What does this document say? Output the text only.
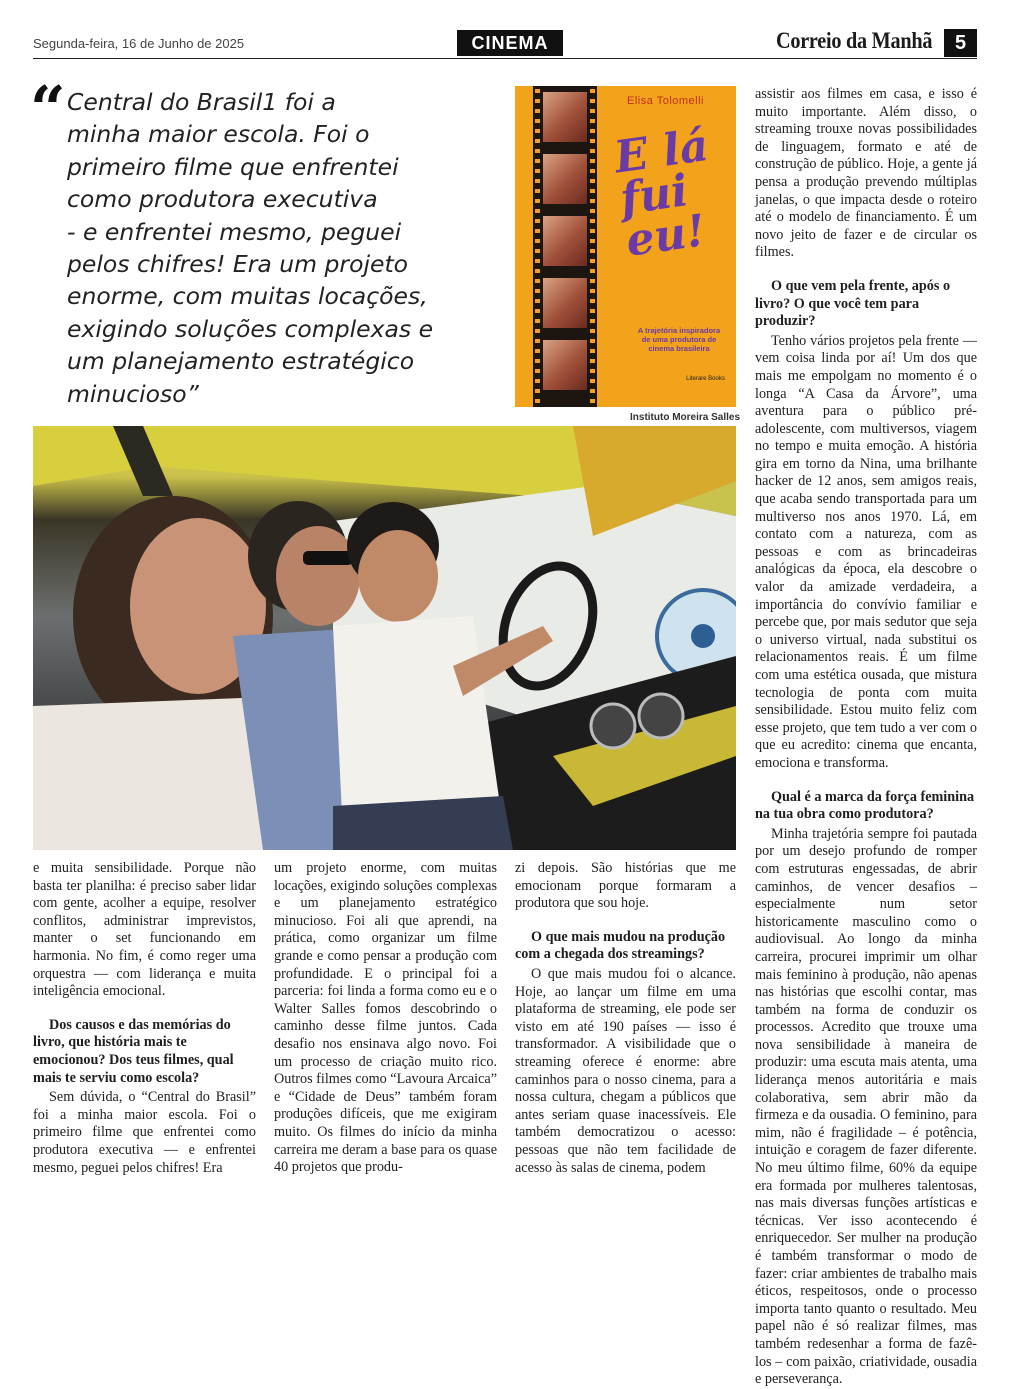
Segunda-feira, 16 de Junho de 2025	CINEMA	Correio da Manhã	5
“ Central do Brasil1 foi a
minha maior escola. Foi o
primeiro filme que enfrentei
como produtora executiva
- e enfrentei mesmo, peguei
pelos chifres! Era um projeto
enorme, com muitas locações,
exigindo soluções complexas e
um planejamento estratégico
minucioso”

Elisa Tolomelli
E lá fui eu!
A trajetória inspiradora de uma produtora de cinema brasileira
Literare Books
Instituto Moreira Salles

e muita sensibilidade. Porque não basta ter planilha: é preciso saber lidar com gente, acolher a equipe, resolver conflitos, administrar imprevistos, manter o set funcionando em harmonia. No fim, é como reger uma orquestra — com liderança e muita inteligência emocional.

Dos causos e das memórias do livro, que história mais te emocionou? Dos teus filmes, qual mais te serviu como escola?

Sem dúvida, o “Central do Brasil” foi a minha maior escola. Foi o primeiro filme que enfrentei como produtora executiva — e enfrentei mesmo, peguei pelos chifres! Era

um projeto enorme, com muitas locações, exigindo soluções complexas e um planejamento estratégico minucioso. Foi ali que aprendi, na prática, como organizar um filme grande e como pensar a produção com profundidade. E o principal foi a parceria: foi linda a forma como eu e o Walter Salles fomos descobrindo o caminho desse filme juntos. Cada desafio nos ensinava algo novo. Foi um processo de criação muito rico. Outros filmes como “Lavoura Arcaica” e “Cidade de Deus” também foram produções difíceis, que me exigiram muito. Os filmes do início da minha carreira me deram a base para os quase 40 projetos que produ-

zi depois. São histórias que me emocionam porque formaram a produtora que sou hoje.

O que mais mudou na produção com a chegada dos streamings?

O que mais mudou foi o alcance. Hoje, ao lançar um filme em uma plataforma de streaming, ele pode ser visto em até 190 países — isso é transformador. A visibilidade que o streaming oferece é enorme: abre caminhos para o nosso cinema, para a nossa cultura, chegam a públicos que antes seriam quase inacessíveis. Ele também democratizou o acesso: pessoas que não tem facilidade de acesso às salas de cinema, podem

assistir aos filmes em casa, e isso é muito importante. Além disso, o streaming trouxe novas possibilidades de linguagem, formato e até de construção de público. Hoje, a gente já pensa a produção prevendo múltiplas janelas, o que impacta desde o roteiro até o modelo de financiamento. É um novo jeito de fazer e de circular os filmes.

O que vem pela frente, após o livro? O que você tem para produzir?

Tenho vários projetos pela frente — vem coisa linda por aí! Um dos que mais me empolgam no momento é o longa “A Casa da Árvore”, uma aventura para o público pré-adolescente, com multiversos, viagem no tempo e muita emoção. A história gira em torno da Nina, uma brilhante hacker de 12 anos, sem amigos reais, que acaba sendo transportada para um multiverso nos anos 1970. Lá, em contato com a natureza, com as pessoas e com as brincadeiras analógicas da época, ela descobre o valor da amizade verdadeira, a importância do convívio familiar e percebe que, por mais sedutor que seja o universo virtual, nada substitui os relacionamentos reais. É um filme com uma estética ousada, que mistura tecnologia de ponta com muita sensibilidade. Estou muito feliz com esse projeto, que tem tudo a ver com o que eu acredito: cinema que encanta, emociona e transforma.

Qual é a marca da força feminina na tua obra como produtora?

Minha trajetória sempre foi pautada por um desejo profundo de romper com estruturas engessadas, de abrir caminhos, de vencer desafios – especialmente num setor historicamente masculino como o audiovisual. Ao longo da minha carreira, procurei imprimir um olhar mais feminino à produção, não apenas nas histórias que escolhi contar, mas também na forma de conduzir os processos. Acredito que trouxe uma nova sensibilidade à maneira de produzir: uma escuta mais atenta, uma liderança menos autoritária e mais colaborativa, sem abrir mão da firmeza e da ousadia. O feminino, para mim, não é fragilidade – é potência, intuição e coragem de fazer diferente. No meu último filme, 60% da equipe era formada por mulheres talentosas, nas mais diversas funções artísticas e técnicas. Ver isso acontecendo é enriquecedor. Ser mulher na produção é também transformar o modo de fazer: criar ambientes de trabalho mais éticos, respeitosos, onde o processo importa tanto quanto o resultado. Meu papel não é só realizar filmes, mas também redesenhar a forma de fazê-los – com paixão, criatividade, ousadia e perseverança.
